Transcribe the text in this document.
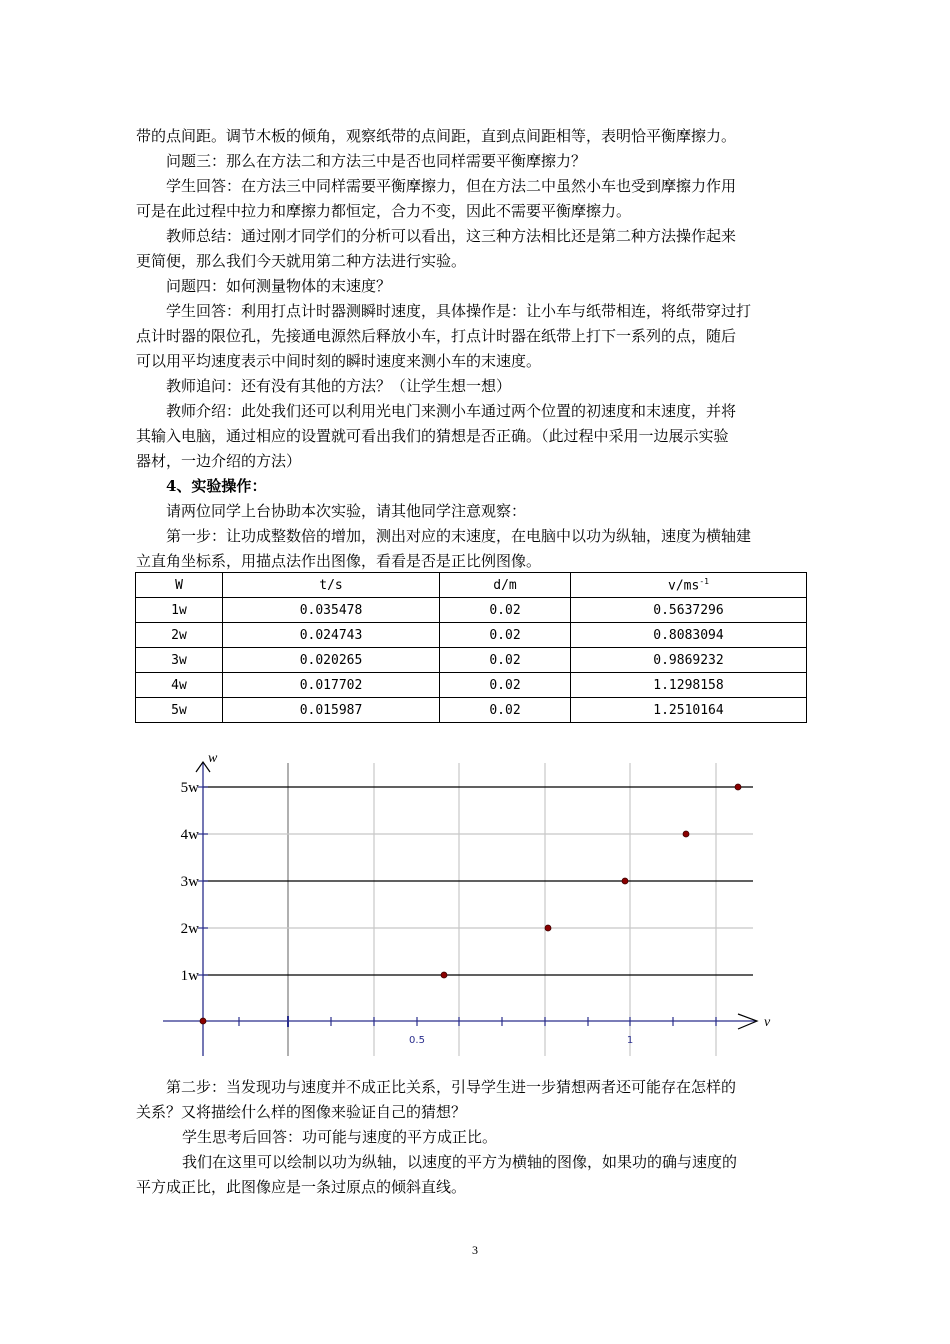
带的点间距。调节木板的倾角，观察纸带的点间距，直到点间距相等，表明恰平衡摩擦力。
问题三：那么在方法二和方法三中是否也同样需要平衡摩擦力？
学生回答：在方法三中同样需要平衡摩擦力，但在方法二中虽然小车也受到摩擦力作用
可是在此过程中拉力和摩擦力都恒定，合力不变，因此不需要平衡摩擦力。
教师总结：通过刚才同学们的分析可以看出，这三种方法相比还是第二种方法操作起来
更简便，那么我们今天就用第二种方法进行实验。
问题四：如何测量物体的末速度？
学生回答：利用打点计时器测瞬时速度，具体操作是：让小车与纸带相连，将纸带穿过打
点计时器的限位孔，先接通电源然后释放小车，打点计时器在纸带上打下一系列的点，随后
可以用平均速度表示中间时刻的瞬时速度来测小车的末速度。
教师追问：还有没有其他的方法？（让学生想一想）
教师介绍：此处我们还可以利用光电门来测小车通过两个位置的初速度和末速度，并将
其输入电脑，通过相应的设置就可看出我们的猜想是否正确。（此过程中采用一边展示实验
器材，一边介绍的方法）
4、实验操作：
请两位同学上台协助本次实验，请其他同学注意观察：
第一步：让功成整数倍的增加，测出对应的末速度，在电脑中以功为纵轴，速度为横轴建
立直角坐标系，用描点法作出图像，看看是否是正比例图像。
W	t/s	d/m	$v/ms^{-1}$
1w	0.035478	0.02	0.5637296
2w	0.024743	0.02	0.8083094
3w	0.020265	0.02	0.9869232
4w	0.017702	0.02	1.1298158
5w	0.015987	0.02	1.2510164
w
v
5w
4w
3w
2w
1w
0.5	1
第二步：当发现功与速度并不成正比关系，引导学生进一步猜想两者还可能存在怎样的
关系？又将描绘什么样的图像来验证自己的猜想？
学生思考后回答：功可能与速度的平方成正比。
我们在这里可以绘制以功为纵轴，以速度的平方为横轴的图像，如果功的确与速度的
平方成正比，此图像应是一条过原点的倾斜直线。
3
